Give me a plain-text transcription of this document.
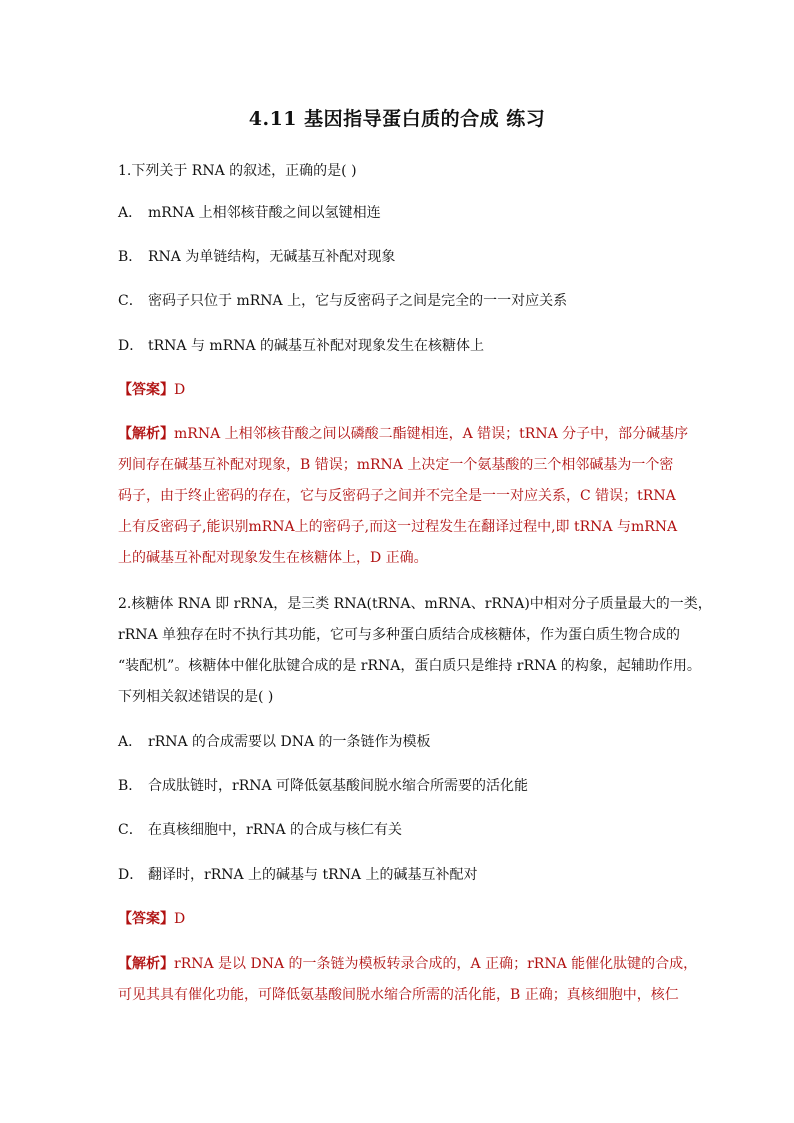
4.11 基因指导蛋白质的合成 练习
1.下列关于 RNA 的叙述，正确的是( )
A． mRNA 上相邻核苷酸之间以氢键相连
B． RNA 为单链结构，无碱基互补配对现象
C． 密码子只位于 mRNA 上，它与反密码子之间是完全的一一对应关系
D． tRNA 与 mRNA 的碱基互补配对现象发生在核糖体上
【答案】D
【解析】mRNA 上相邻核苷酸之间以磷酸二酯键相连，A 错误；tRNA 分子中，部分碱基序
列间存在碱基互补配对现象，B 错误；mRNA 上决定一个氨基酸的三个相邻碱基为一个密
码子，由于终止密码的存在，它与反密码子之间并不完全是一一对应关系，C 错误；tRNA
上有反密码子,能识别mRNA上的密码子,而这一过程发生在翻译过程中,即 tRNA 与mRNA
上的碱基互补配对现象发生在核糖体上，D 正确。
2.核糖体 RNA 即 rRNA，是三类 RNA(tRNA、mRNA、rRNA)中相对分子质量最大的一类，
rRNA 单独存在时不执行其功能，它可与多种蛋白质结合成核糖体，作为蛋白质生物合成的
“装配机”。核糖体中催化肽键合成的是 rRNA，蛋白质只是维持 rRNA 的构象，起辅助作用。
下列相关叙述错误的是( )
A． rRNA 的合成需要以 DNA 的一条链作为模板
B． 合成肽链时，rRNA 可降低氨基酸间脱水缩合所需要的活化能
C． 在真核细胞中，rRNA 的合成与核仁有关
D． 翻译时，rRNA 上的碱基与 tRNA 上的碱基互补配对
【答案】D
【解析】rRNA 是以 DNA 的一条链为模板转录合成的，A 正确；rRNA 能催化肽键的合成，
可见其具有催化功能，可降低氨基酸间脱水缩合所需的活化能，B 正确；真核细胞中，核仁
